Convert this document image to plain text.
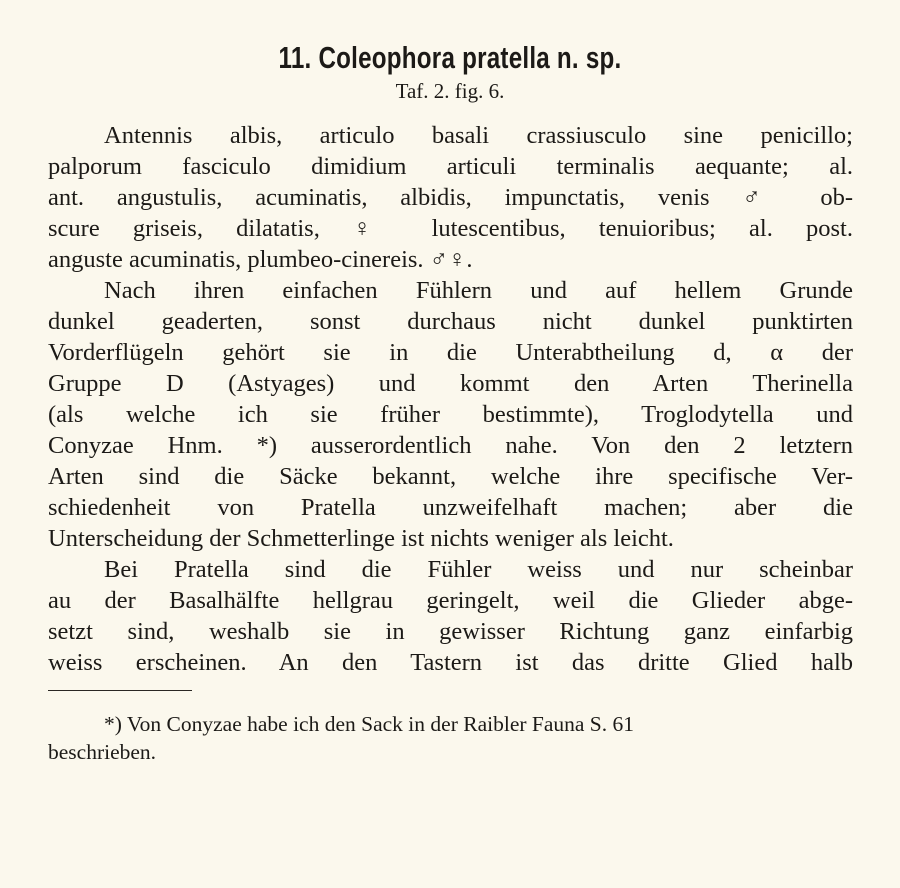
11. Coleophora pratella n. sp.
Taf. 2. fig. 6.
Antennis albis, articulo basali crassiusculo sine penicillo;
palporum fasciculo dimidium articuli terminalis aequante; al.
ant. angustulis, acuminatis, albidis, impunctatis, venis ♂ ob-
scure griseis, dilatatis, ♀ lutescentibus, tenuioribus; al. post.
anguste acuminatis, plumbeo-cinereis. ♂♀.
Nach ihren einfachen Fühlern und auf hellem Grunde
dunkel geaderten, sonst durchaus nicht dunkel punktirten
Vorderflügeln gehört sie in die Unterabtheilung d, α der
Gruppe D (Astyages) und kommt den Arten Therinella
(als welche ich sie früher bestimmte), Troglodytella und
Conyzae Hnm. *) ausserordentlich nahe. Von den 2 letztern
Arten sind die Säcke bekannt, welche ihre specifische Ver-
schiedenheit von Pratella unzweifelhaft machen; aber die
Unterscheidung der Schmetterlinge ist nichts weniger als leicht.
Bei Pratella sind die Fühler weiss und nur scheinbar
au der Basalhälfte hellgrau geringelt, weil die Glieder abge-
setzt sind, weshalb sie in gewisser Richtung ganz einfarbig
weiss erscheinen. An den Tastern ist das dritte Glied halb
*) Von Conyzae habe ich den Sack in der Raibler Fauna S. 61
beschrieben.
